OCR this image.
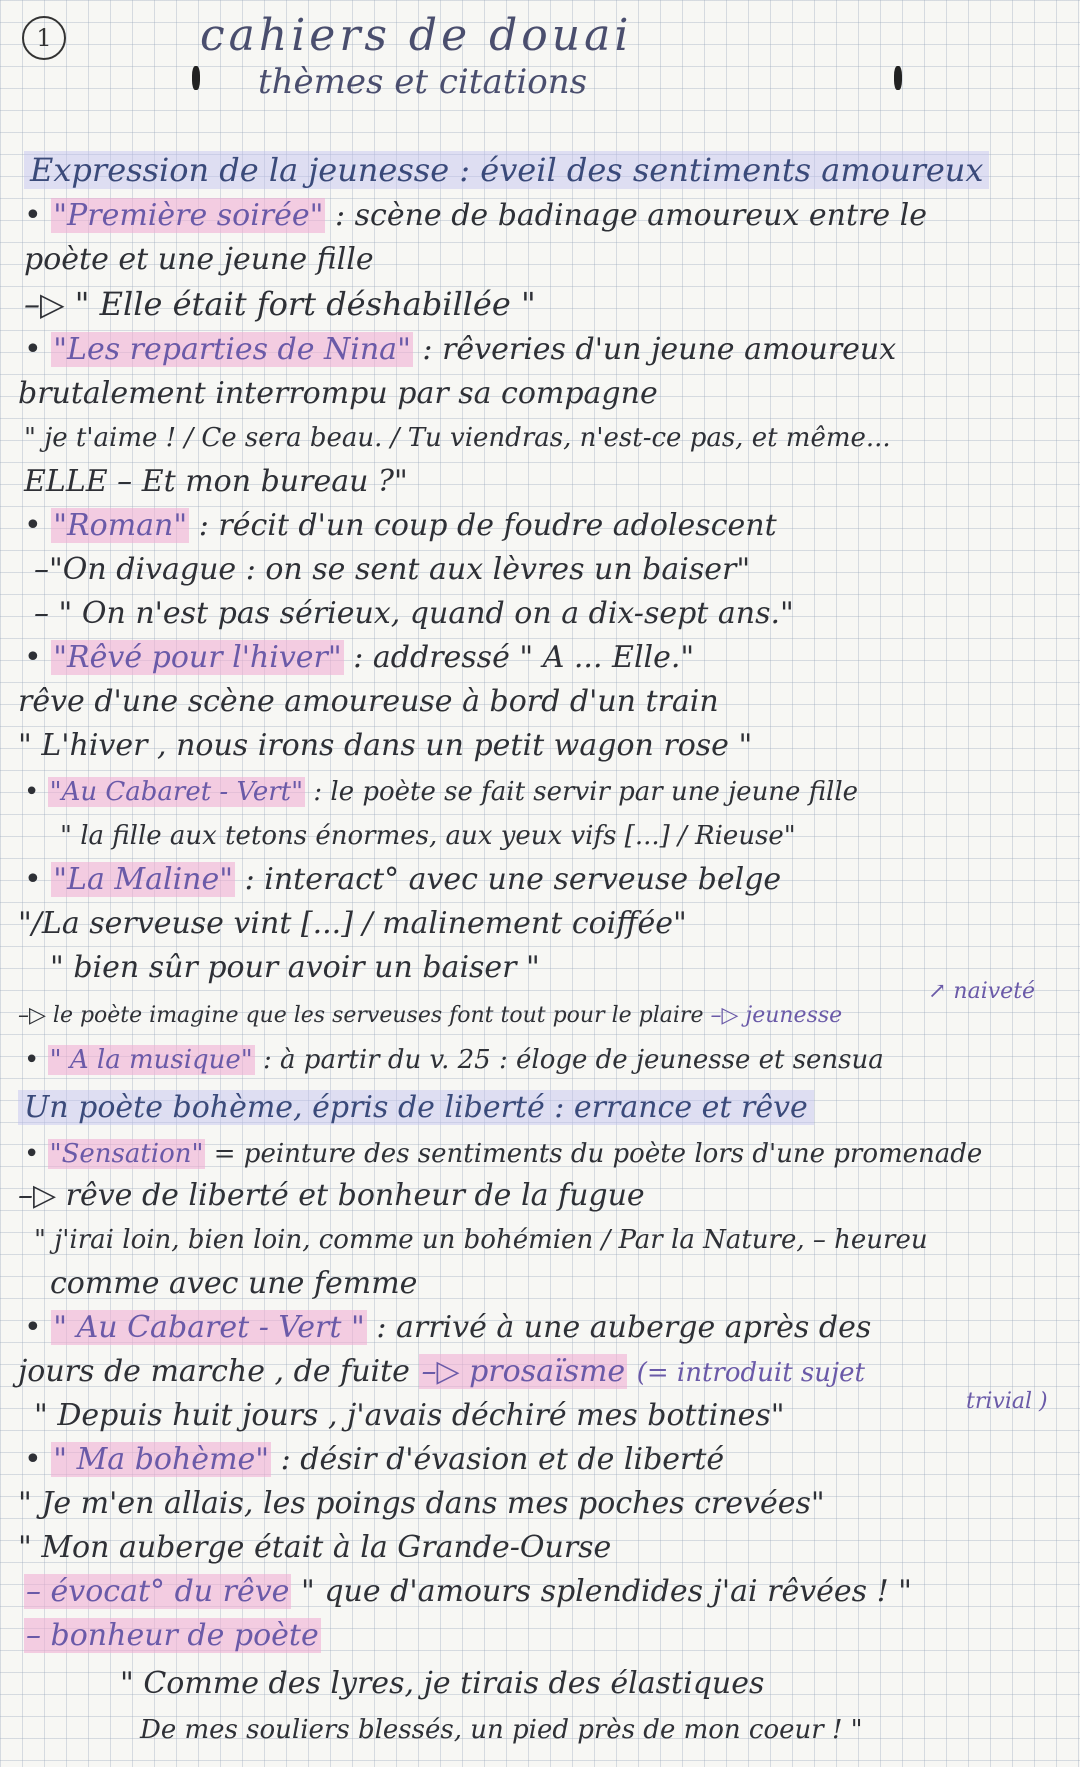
1	cahiers de douai
thèmes et citations
Expression de la jeunesse : éveil des sentiments amoureux
• "Première soirée" : scène de badinage amoureux entre le
poète et une jeune fille
–▷ " Elle était fort déshabillée "
• "Les reparties de Nina" : rêveries d'un jeune amoureux
brutalement interrompu par sa compagne
" je t'aime ! / Ce sera beau. / Tu viendras, n'est-ce pas, et même...
ELLE – Et mon bureau ?"
• "Roman" : récit d'un coup de foudre adolescent
–"On divague : on se sent aux lèvres un baiser"
– " On n'est pas sérieux, quand on a dix-sept ans."
• "Rêvé pour l'hiver" : addressé " A ... Elle."
rêve d'une scène amoureuse à bord d'un train
" L'hiver , nous irons dans un petit wagon rose "
• "Au Cabaret - Vert" : le poète se fait servir par une jeune fille
" la fille aux tetons énormes, aux yeux vifs [...] / Rieuse"
• "La Maline" : interact° avec une serveuse belge
"/La serveuse vint [...] / malinement coiffée"
" bien sûr pour avoir un baiser "
↗ naiveté
–▷ le poète imagine que les serveuses font tout pour le plaire –▷ jeunesse
• " A la musique" : à partir du v. 25 : éloge de jeunesse et sensua
Un poète bohème, épris de liberté : errance et rêve
• "Sensation" = peinture des sentiments du poète lors d'une promenade
–▷ rêve de liberté et bonheur de la fugue
" j'irai loin, bien loin, comme un bohémien / Par la Nature, – heureu
comme avec une femme
• " Au Cabaret - Vert " : arrivé à une auberge après des
jours de marche , de fuite –▷ prosaïsme (= introduit sujet
trivial )
" Depuis huit jours , j'avais déchiré mes bottines"
• " Ma bohème" : désir d'évasion et de liberté
" Je m'en allais, les poings dans mes poches crevées"
" Mon auberge était à la Grande-Ourse
– évocat° du rêve " que d'amours splendides j'ai rêvées ! "
– bonheur de poète
" Comme des lyres, je tirais des élastiques
De mes souliers blessés, un pied près de mon coeur ! "
